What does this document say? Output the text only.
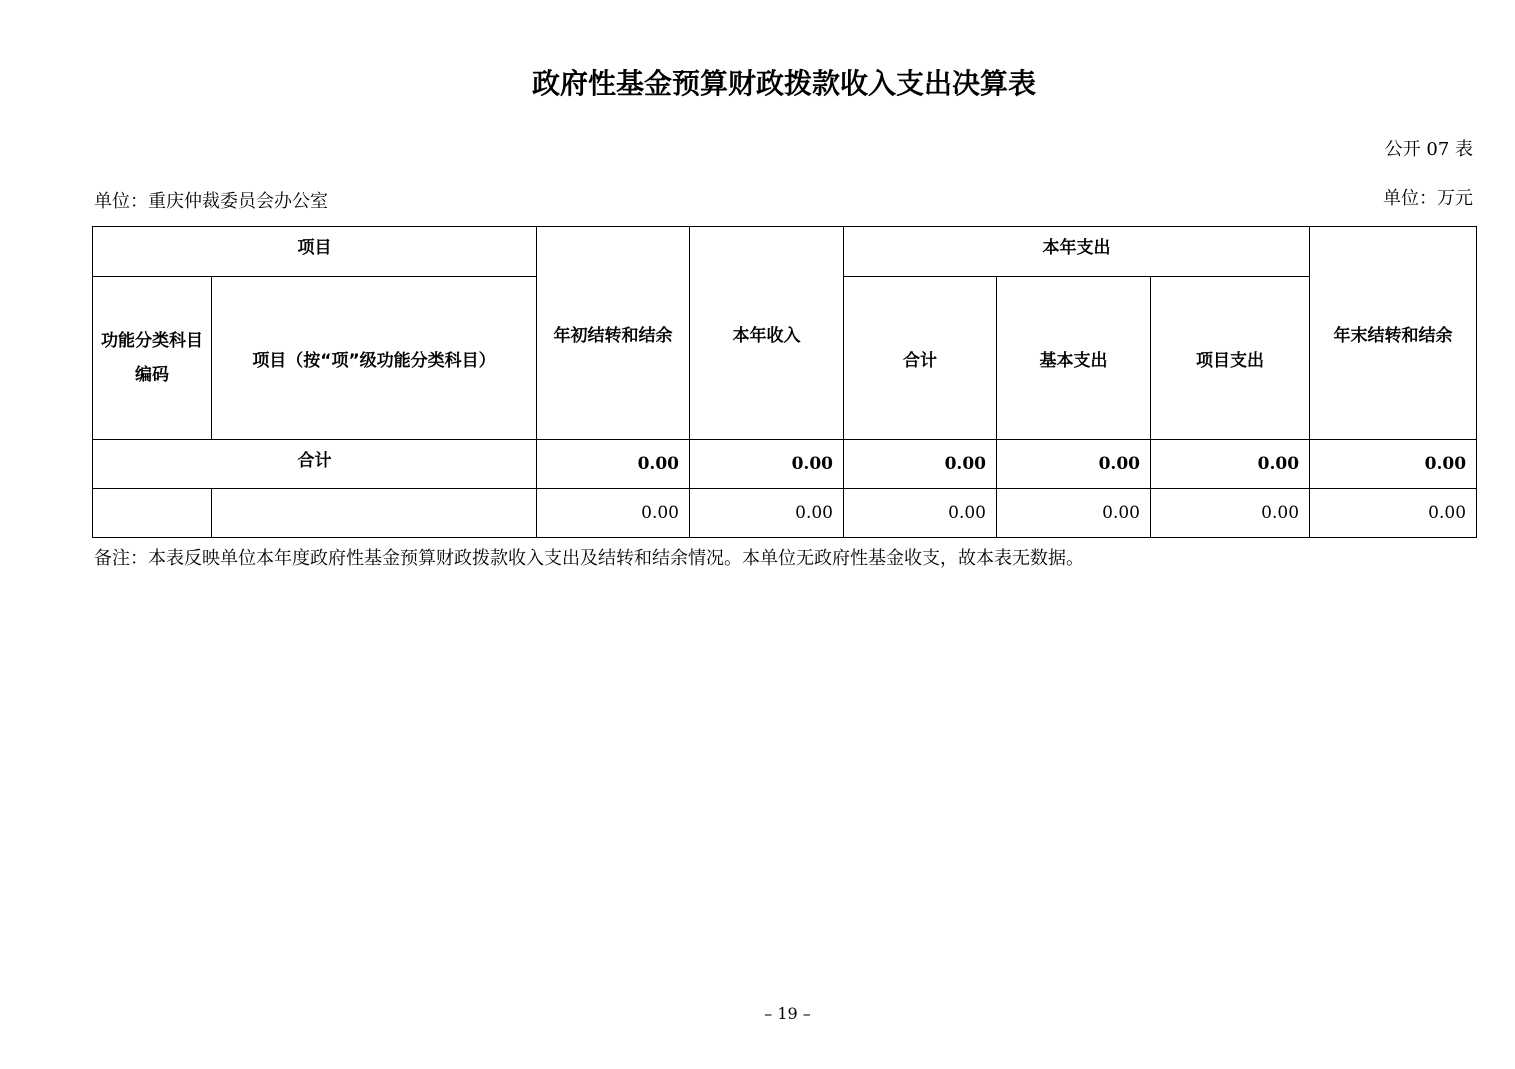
政府性基金预算财政拨款收入支出决算表
公开 07 表
单位：重庆仲裁委员会办公室	单位：万元
项目		年初结转和结余	本年收入	本年支出			年末结转和结余
功能分类科目编码	项目（按“项”级功能分类科目）			合计	基本支出	项目支出	
合计		0.00	0.00	0.00	0.00	0.00	0.00
		0.00	0.00	0.00	0.00	0.00	0.00
备注：本表反映单位本年度政府性基金预算财政拨款收入支出及结转和结余情况。本单位无政府性基金收支，故本表无数据。
– 19 –
